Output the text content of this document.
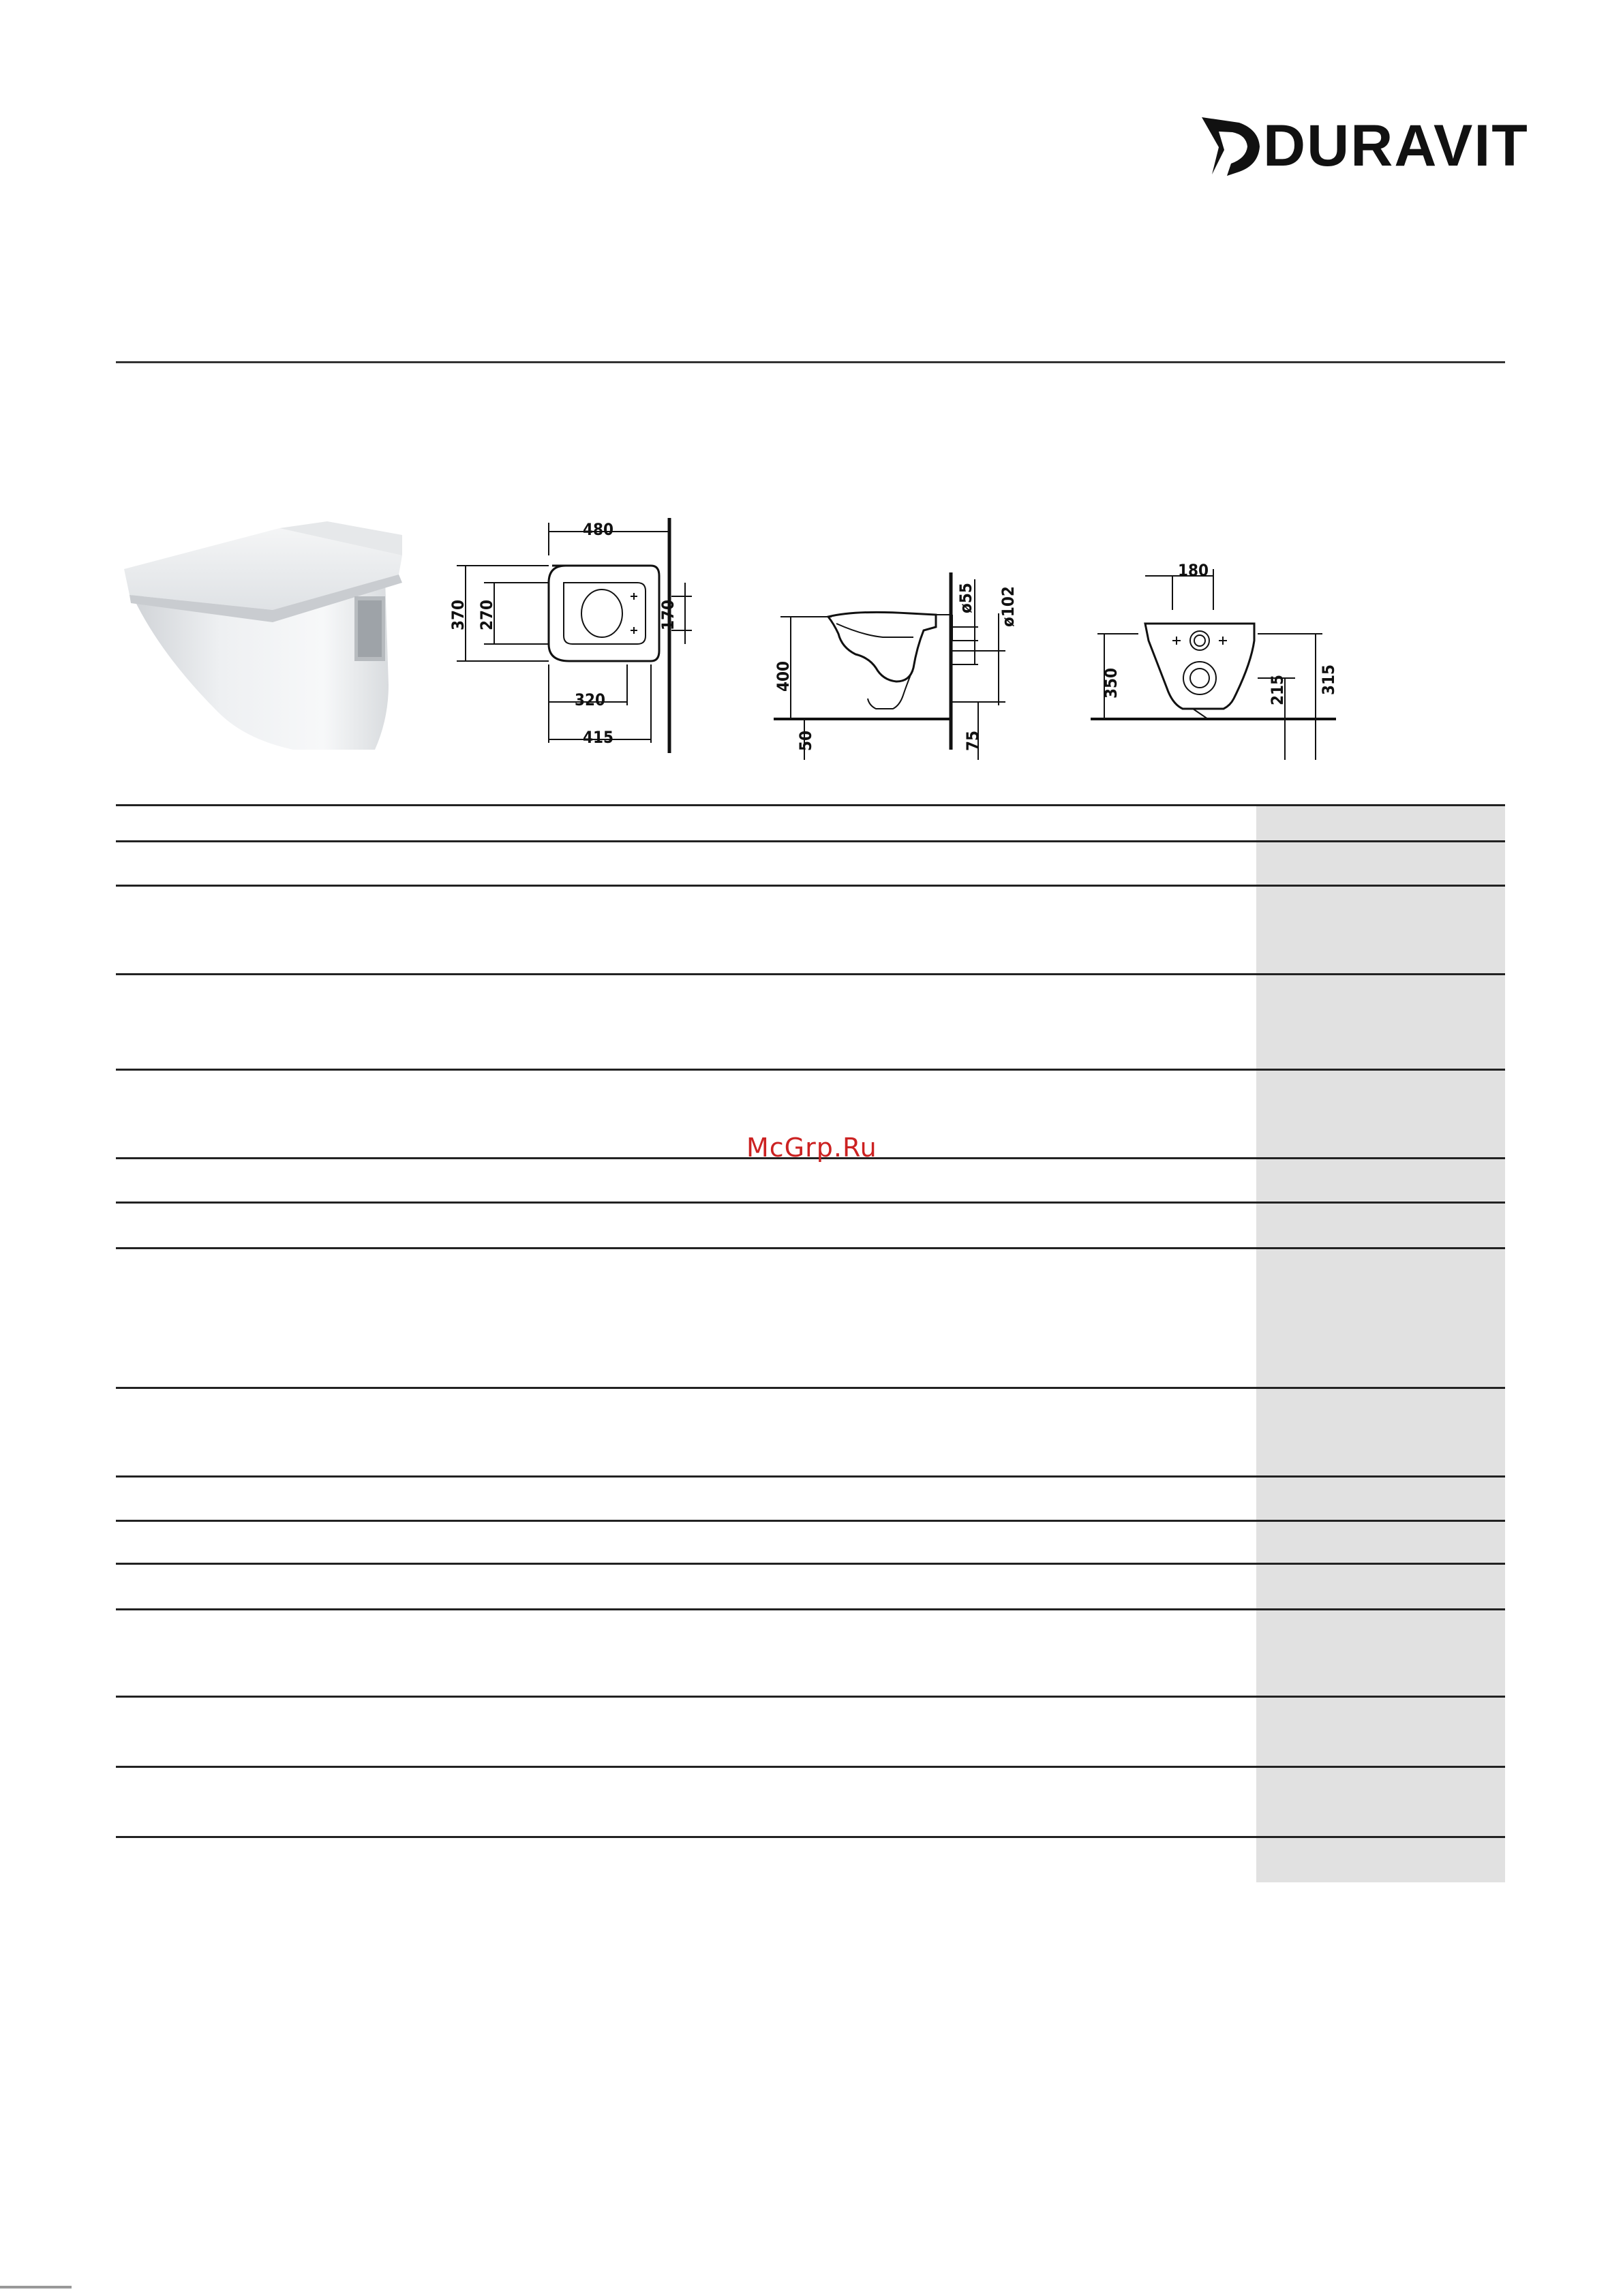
DURAVIT
480
370 270	170
320
415
400
ø55 ø102
50	75
180
350	215 315
McGrp.Ru
